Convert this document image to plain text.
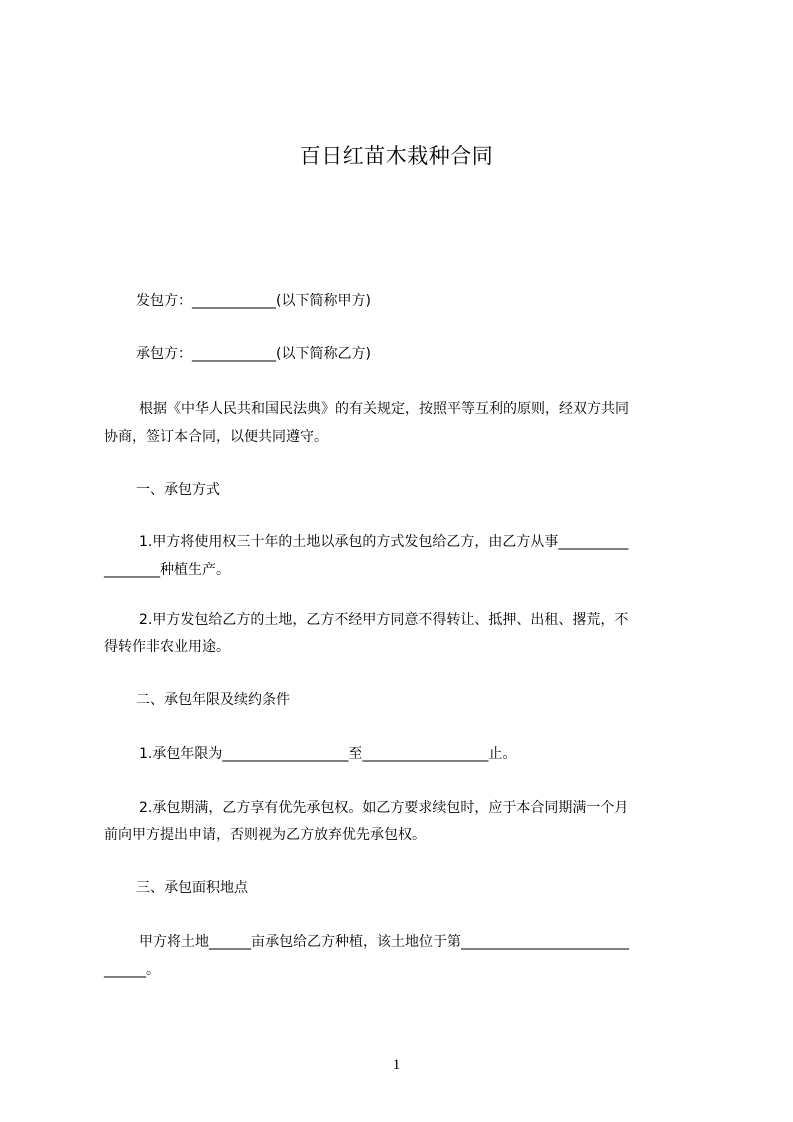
百日红苗木栽种合同
发包方：____________(以下简称甲方)
承包方：____________(以下简称乙方)
根据《中华人民共和国民法典》的有关规定，按照平等互利的原则，经双方共同
协商，签订本合同，以便共同遵守。
一、承包方式
1.甲方将使用权三十年的土地以承包的方式发包给乙方，由乙方从事__________
________种植生产。
2.甲方发包给乙方的土地，乙方不经甲方同意不得转让、抵押、出租、撂荒，不
得转作非农业用途。
二、承包年限及续约条件
1.承包年限为__________________至__________________止。
2.承包期满，乙方享有优先承包权。如乙方要求续包时，应于本合同期满一个月
前向甲方提出申请，否则视为乙方放弃优先承包权。
三、承包面积地点
甲方将土地______亩承包给乙方种植，该土地位于第________________________
______。
1
